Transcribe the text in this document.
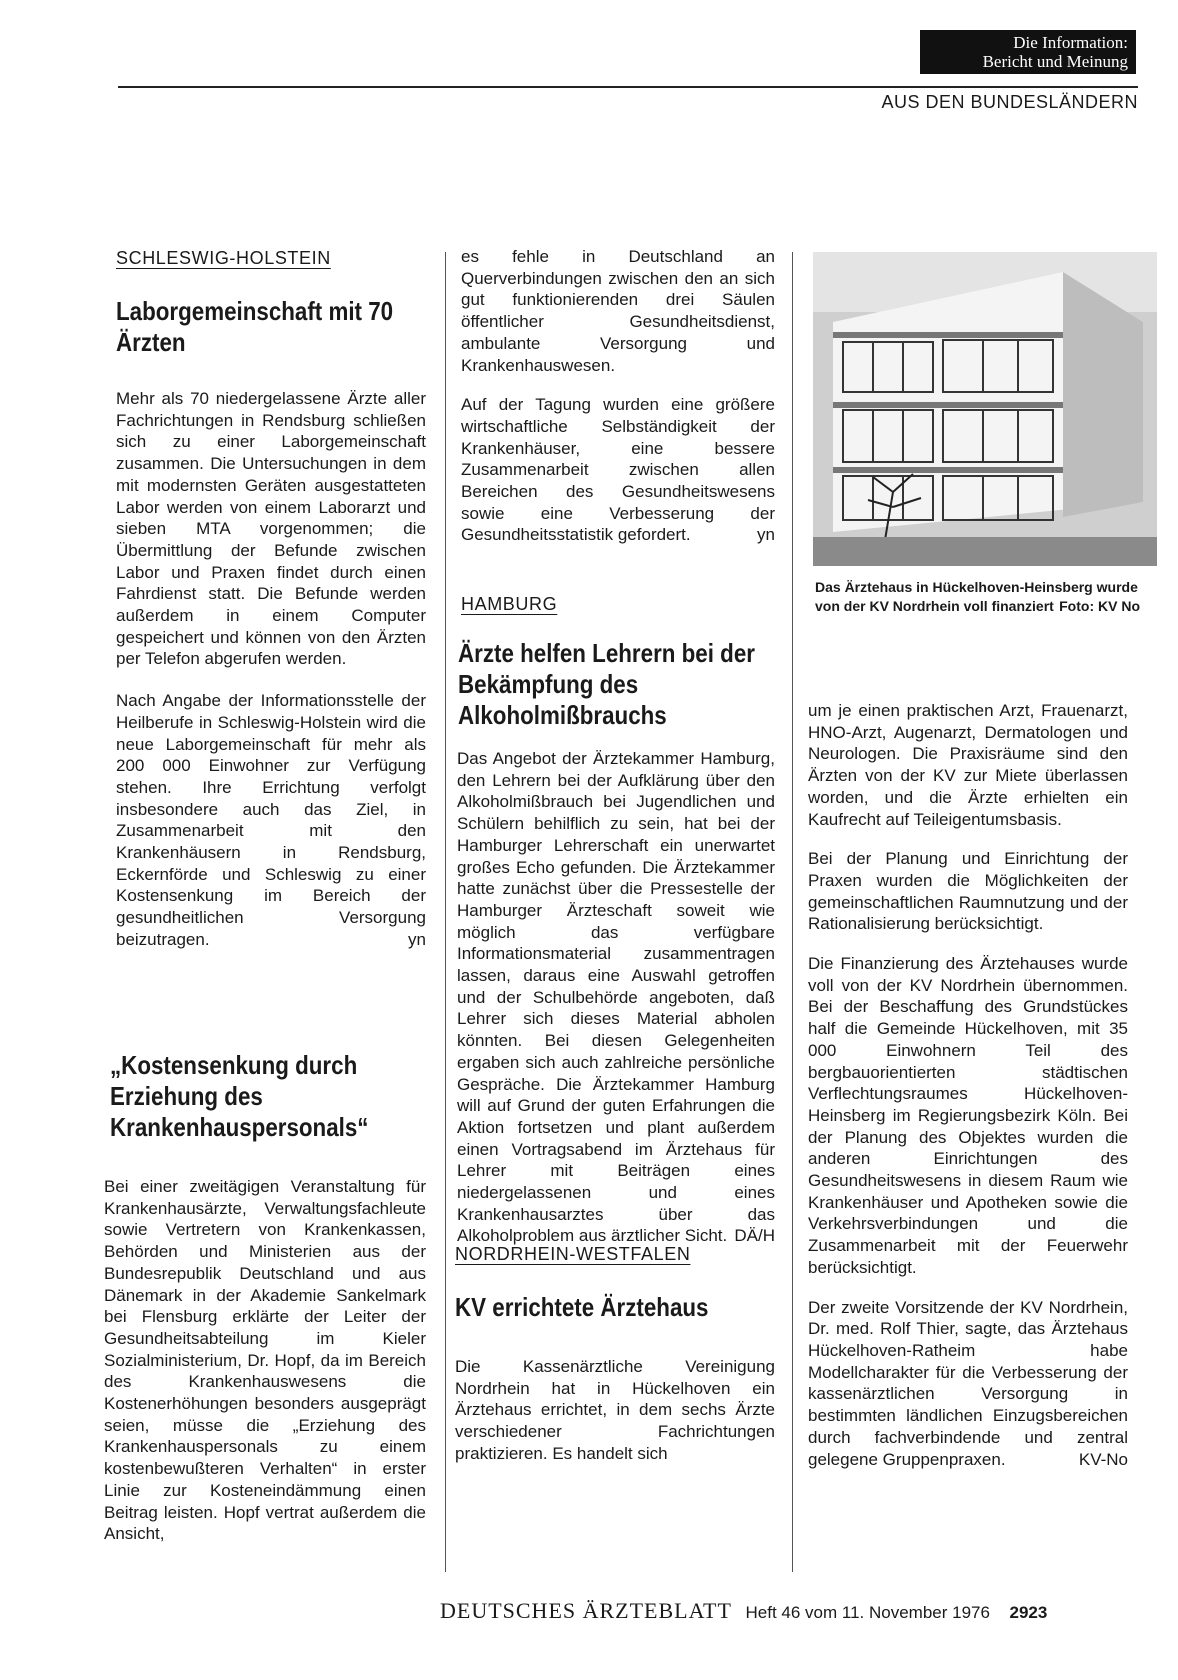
Die Information:
Bericht und Meinung
AUS DEN BUNDESLÄNDERN

SCHLESWIG-HOLSTEIN

Laborgemeinschaft mit 70 Ärzten

Mehr als 70 niedergelassene Ärzte aller Fachrichtungen in Rendsburg schließen sich zu einer Laborgemeinschaft zusammen. Die Untersuchungen in dem mit modernsten Geräten ausgestatteten Labor werden von einem Laborarzt und sieben MTA vorgenommen; die Übermittlung der Befunde zwischen Labor und Praxen findet durch einen Fahrdienst statt. Die Befunde werden außerdem in einem Computer gespeichert und können von den Ärzten per Telefon abgerufen werden.

Nach Angabe der Informationsstelle der Heilberufe in Schleswig-Holstein wird die neue Laborgemeinschaft für mehr als 200 000 Einwohner zur Verfügung stehen. Ihre Errichtung verfolgt insbesondere auch das Ziel, in Zusammenarbeit mit den Krankenhäusern in Rendsburg, Eckernförde und Schleswig zu einer Kostensenkung im Bereich der gesundheitlichen Versorgung beizutragen.	yn

„Kostensenkung durch Erziehung des Krankenhauspersonals“

Bei einer zweitägigen Veranstaltung für Krankenhausärzte, Verwaltungsfachleute sowie Vertretern von Krankenkassen, Behörden und Ministerien aus der Bundesrepublik Deutschland und aus Dänemark in der Akademie Sankelmark bei Flensburg erklärte der Leiter der Gesundheitsabteilung im Kieler Sozialministerium, Dr. Hopf, da im Bereich des Krankenhauswesens die Kostenerhöhungen besonders ausgeprägt seien, müsse die „Erziehung des Krankenhauspersonals zu einem kostenbewußteren Verhalten“ in erster Linie zur Kosteneindämmung einen Beitrag leisten. Hopf vertrat außerdem die Ansicht,

es fehle in Deutschland an Querverbindungen zwischen den an sich gut funktionierenden drei Säulen öffentlicher Gesundheitsdienst, ambulante Versorgung und Krankenhauswesen.

Auf der Tagung wurden eine größere wirtschaftliche Selbständigkeit der Krankenhäuser, eine bessere Zusammenarbeit zwischen allen Bereichen des Gesundheitswesens sowie eine Verbesserung der Gesundheitsstatistik gefordert.	yn

HAMBURG

Ärzte helfen Lehrern bei der Bekämpfung des Alkoholmißbrauchs

Das Angebot der Ärztekammer Hamburg, den Lehrern bei der Aufklärung über den Alkoholmißbrauch bei Jugendlichen und Schülern behilflich zu sein, hat bei der Hamburger Lehrerschaft ein unerwartet großes Echo gefunden. Die Ärztekammer hatte zunächst über die Pressestelle der Hamburger Ärzteschaft soweit wie möglich das verfügbare Informationsmaterial zusammentragen lassen, daraus eine Auswahl getroffen und der Schulbehörde angeboten, daß Lehrer sich dieses Material abholen könnten. Bei diesen Gelegenheiten ergaben sich auch zahlreiche persönliche Gespräche. Die Ärztekammer Hamburg will auf Grund der guten Erfahrungen die Aktion fortsetzen und plant außerdem einen Vortragsabend im Ärztehaus für Lehrer mit Beiträgen eines niedergelassenen und eines Krankenhausarztes über das Alkoholproblem aus ärztlicher Sicht. DÄ/H

NORDRHEIN-WESTFALEN

KV errichtete Ärztehaus

Die Kassenärztliche Vereinigung Nordrhein hat in Hückelhoven ein Ärztehaus errichtet, in dem sechs Ärzte verschiedener Fachrichtungen praktizieren. Es handelt sich

Das Ärztehaus in Hückelhoven-Heinsberg wurde von der KV Nordrhein voll finanziert Foto: KV No

um je einen praktischen Arzt, Frauenarzt, HNO-Arzt, Augenarzt, Dermatologen und Neurologen. Die Praxisräume sind den Ärzten von der KV zur Miete überlassen worden, und die Ärzte erhielten ein Kaufrecht auf Teileigentumsbasis.

Bei der Planung und Einrichtung der Praxen wurden die Möglichkeiten der gemeinschaftlichen Raumnutzung und der Rationalisierung berücksichtigt.

Die Finanzierung des Ärztehauses wurde voll von der KV Nordrhein übernommen. Bei der Beschaffung des Grundstückes half die Gemeinde Hückelhoven, mit 35 000 Einwohnern Teil des bergbauorientierten städtischen Verflechtungsraumes Hückelhoven-Heinsberg im Regierungsbezirk Köln. Bei der Planung des Objektes wurden die anderen Einrichtungen des Gesundheitswesens in diesem Raum wie Krankenhäuser und Apotheken sowie die Verkehrsverbindungen und die Zusammenarbeit mit der Feuerwehr berücksichtigt.

Der zweite Vorsitzende der KV Nordrhein, Dr. med. Rolf Thier, sagte, das Ärztehaus Hückelhoven-Ratheim habe Modellcharakter für die Verbesserung der kassenärztlichen Versorgung in bestimmten ländlichen Einzugsbereichen durch fachverbindende und zentral gelegene Gruppenpraxen.	KV-No

DEUTSCHES ÄRZTEBLATT Heft 46 vom 11. November 1976 2923
